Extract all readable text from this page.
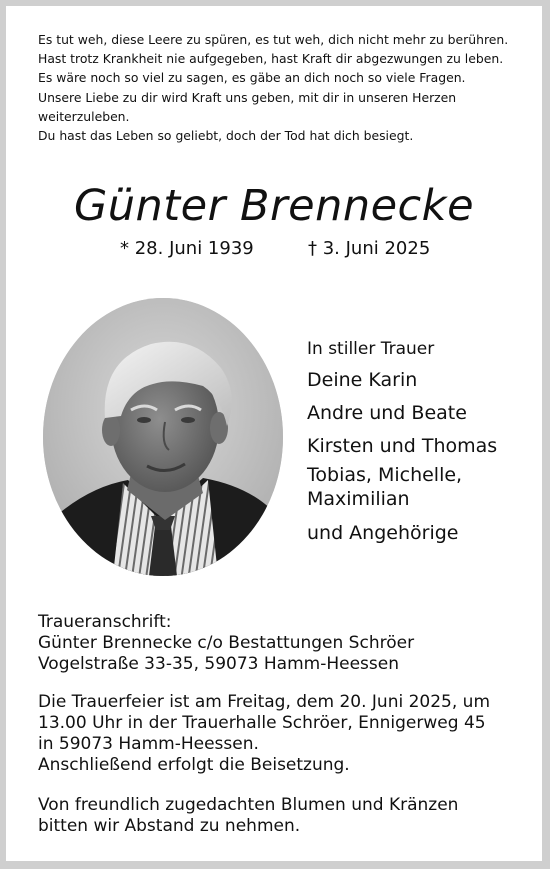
Es tut weh, diese Leere zu spüren, es tut weh, dich nicht mehr zu berühren.
Hast trotz Krankheit nie aufgegeben, hast Kraft dir abgezwungen zu leben.
Es wäre noch so viel zu sagen, es gäbe an dich noch so viele Fragen.
Unsere Liebe zu dir wird Kraft uns geben, mit dir in unseren Herzen
weiterzuleben.
Du hast das Leben so geliebt, doch der Tod hat dich besiegt.
Günter Brennecke
* 28. Juni 1939	† 3. Juni 2025
In stiller Trauer
Deine Karin
Andre und Beate
Kirsten und Thomas
Tobias, Michelle,
Maximilian
und Angehörige
Traueranschrift:
Günter Brennecke c/o Bestattungen Schröer
Vogelstraße 33-35, 59073 Hamm-Heessen
Die Trauerfeier ist am Freitag, dem 20. Juni 2025, um
13.00 Uhr in der Trauerhalle Schröer, Ennigerweg 45
in 59073 Hamm-Heessen.
Anschließend erfolgt die Beisetzung.
Von freundlich zugedachten Blumen und Kränzen
bitten wir Abstand zu nehmen.
